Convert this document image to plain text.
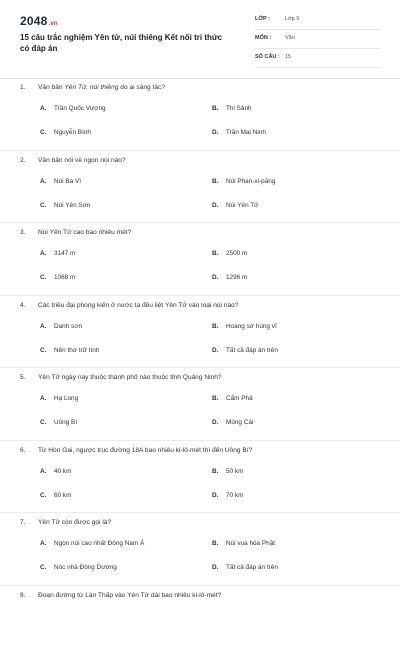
2048.vn
15 câu trắc nghiệm Yên tử, núi thiêng Kết nối tri thức có đáp án
LỚP :	Lớp 9
MÔN :	Văn
SỐ CÂU : 15
1. Văn bản Yên Tử, núi thiêng do ai sáng tác?
A. Trần Quốc Vượng	B. Thi Sảnh
C. Nguyễn Bình	D. Trần Mai Ninh
2. Văn bản nói về ngọn núi nào?
A. Núi Ba Vì	B. Núi Phan-xi-păng
C. Núi Yên Sơn	D. Núi Yên Tử
3. Núi Yên Tử cao bao nhiêu mét?
A. 3147 m	B. 2500 m
C. 1068 m	D. 1296 m
4. Các triều đại phong kiến ở nước ta đều liệt Yên Tử vào loại núi nào?
A. Danh sơn	B. Hoang sơ hùng vĩ
C. Nên thơ trữ tình	D. Tất cả đáp án trên
5. Yên Tử ngày nay thuộc thành phố nào thuộc tỉnh Quảng Ninh?
A. Hạ Long	B. Cẩm Phả
C. Uông Bí	D. Móng Cái
6. Từ Hòn Gai, ngược trục đường 18A bao nhiêu ki-lô-mét thì đến Uông Bí?
A. 40 km	B. 50 km
C. 60 km	D. 70 km
7. Yên Tử còn được gọi là?
A. Ngọn núi cao nhất Đông Nam Á	B. Núi vua hóa Phật
C. Nóc nhà Đông Dương	D. Tất cả đáp án trên
8. Đoạn đường từ Lán Thấp vào Yên Tử dài bao nhiêu ki-lô-mét?
